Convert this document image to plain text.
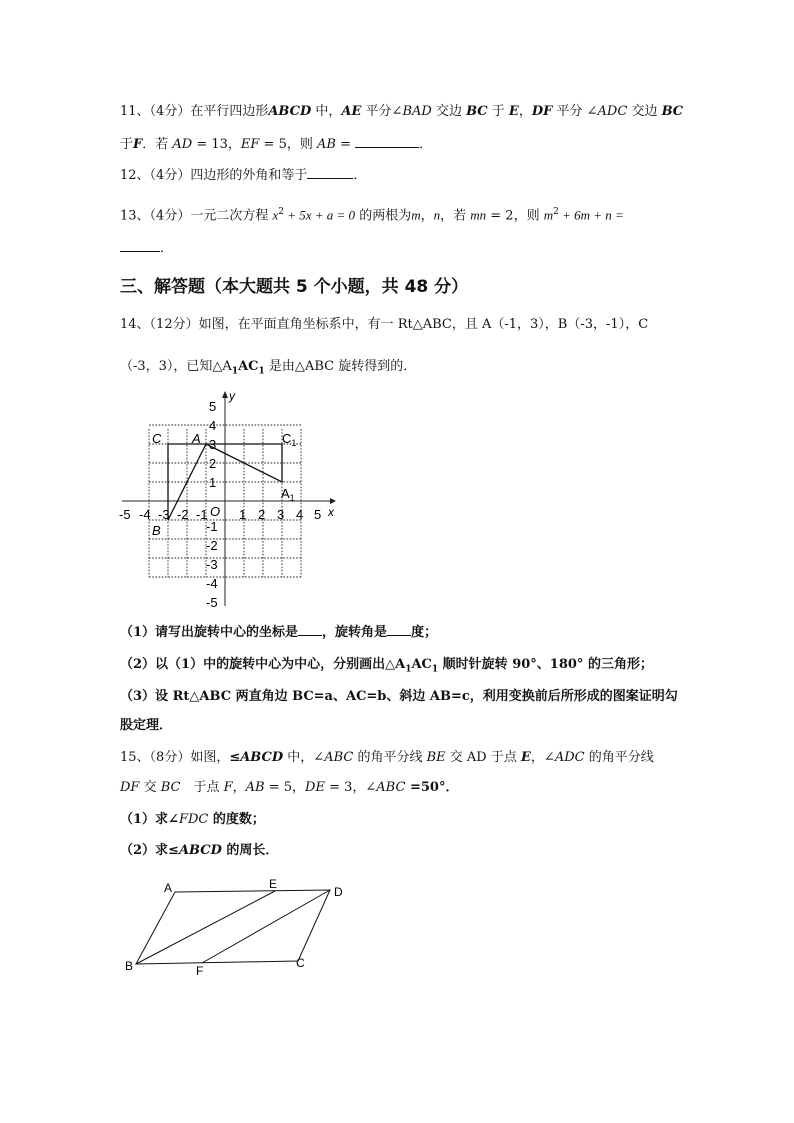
11、（4分）在平行四边形ABCD 中，AE 平分∠BAD 交边 BC 于 E，DF 平分 ∠ADC 交边 BC
于F．若 AD = 13，EF = 5，则 AB =	．
12、（4分）四边形的外角和等于	．
13、（4分）一元二次方程 $x^2 + 5x + a = 0$ 的两根为m，n，若 mn = 2，则 $m^2 + 6m + n$ =
．
三、解答题（本大题共 5 个小题，共 48 分）
14、（12分）如图，在平面直角坐标系中，有一 Rt△ABC，且 A（-1，3），B（-3，-1），C
（-3，3），已知$\triangle A_1AC_1$ 是由△ABC 旋转得到的．
x
y
-5 -4 -3 -2 -1 1 2 3 4 5
5
4
3
2
1
-1
-2
-3
-4
-5
O
C A
B
$C_1$
$A_1$
（1）请写出旋转中心的坐标是 ，旋转角是 度；
（2）以（1）中的旋转中心为中心，分别画出$\triangle A_1AC_1$ 顺时针旋转 90°、180° 的三角形；
（3）设 Rt△ABC 两直角边 BC=a、AC=b、斜边 AB=c，利用变换前后所形成的图案证明勾
股定理．
15、（8分）如图，≤ABCD 中，∠ABC 的角平分线 BE 交 AD 于点 E，∠ADC 的角平分线
DF 交 BC　于点 F，AB = 5，DE = 3，∠ABC =50°．
（1）求∠FDC 的度数；
（2）求≤ABCD 的周长．
A	E
D
B	F
C
